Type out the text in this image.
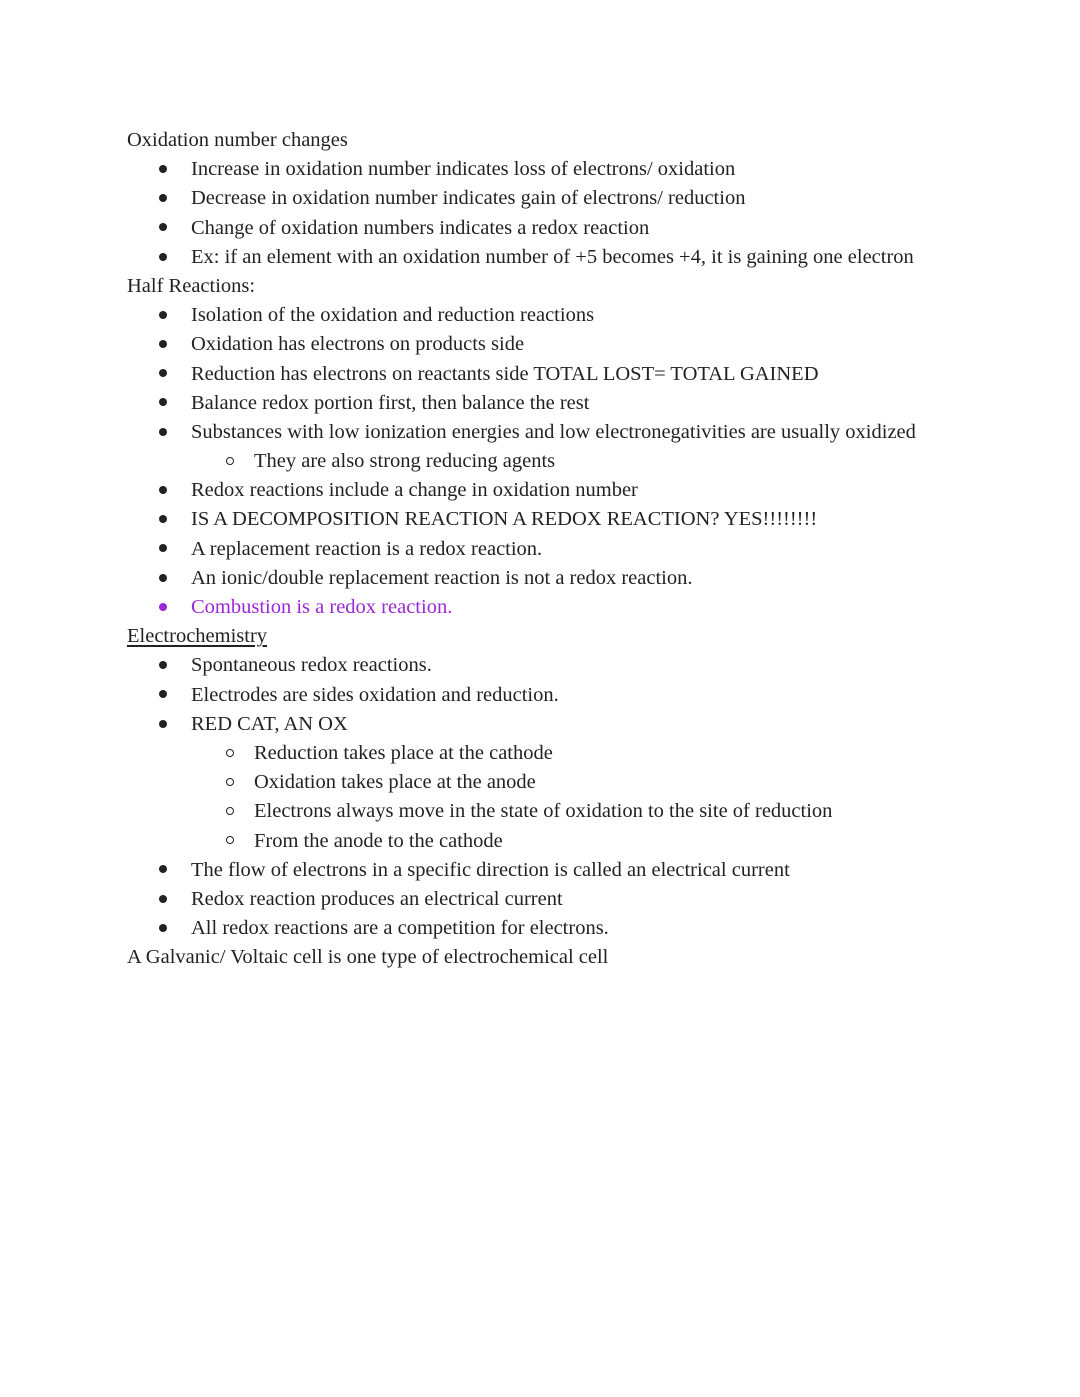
Oxidation number changes
Increase in oxidation number indicates loss of electrons/ oxidation
Decrease in oxidation number indicates gain of electrons/ reduction
Change of oxidation numbers indicates a redox reaction
Ex: if an element with an oxidation number of +5 becomes +4, it is gaining one electron
Half Reactions:
Isolation of the oxidation and reduction reactions
Oxidation has electrons on products side
Reduction has electrons on reactants side TOTAL LOST= TOTAL GAINED
Balance redox portion first, then balance the rest
Substances with low ionization energies and low electronegativities are usually oxidized
They are also strong reducing agents
Redox reactions include a change in oxidation number
IS A DECOMPOSITION REACTION A REDOX REACTION? YES!!!!!!!!
A replacement reaction is a redox reaction.
An ionic/double replacement reaction is not a redox reaction.
Combustion is a redox reaction.
Electrochemistry
Spontaneous redox reactions.
Electrodes are sides oxidation and reduction.
RED CAT, AN OX
Reduction takes place at the cathode
Oxidation takes place at the anode
Electrons always move in the state of oxidation to the site of reduction
From the anode to the cathode
The flow of electrons in a specific direction is called an electrical current
Redox reaction produces an electrical current
All redox reactions are a competition for electrons.
A Galvanic/ Voltaic cell is one type of electrochemical cell
